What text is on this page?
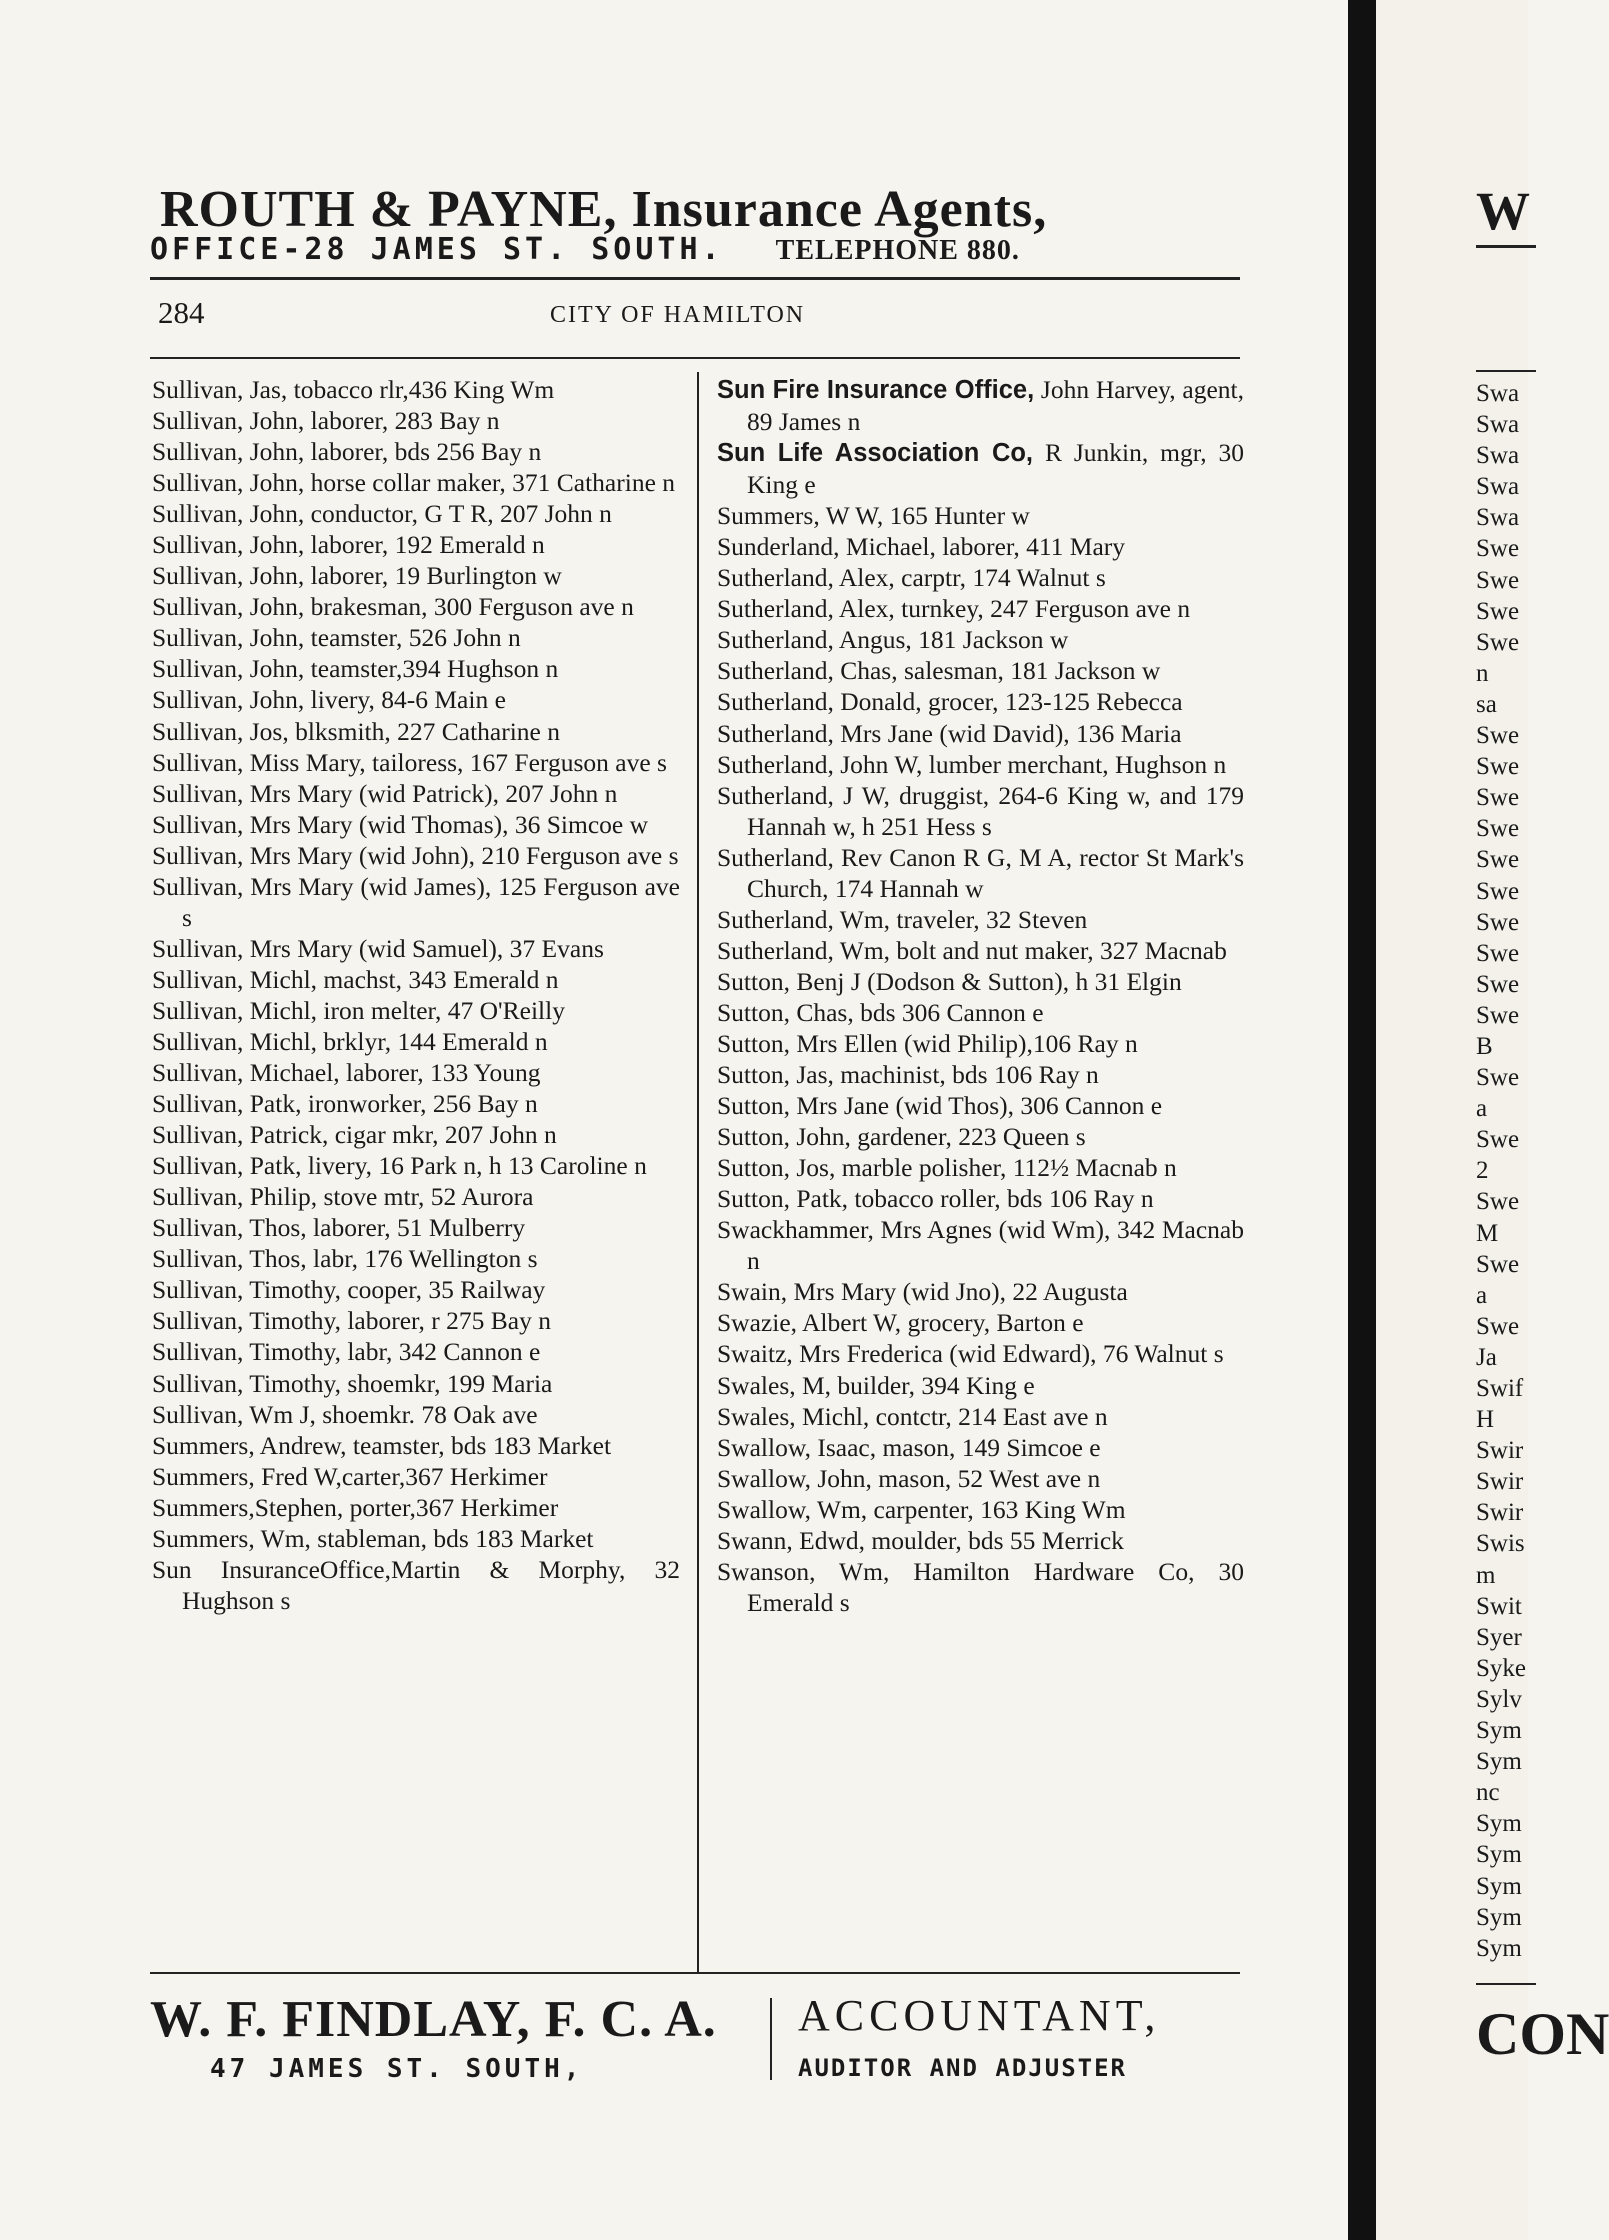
W
Swa
Swa
Swa
Swa
Swa
Swe
Swe
Swe
Swe
n
sa
Swe
Swe
Swe
Swe
Swe
Swe
Swe
Swe
Swe
Swe
B
Swe
a
Swe
2
Swe
M
Swe
a
Swe
Ja
Swif
H
Swir
Swir
Swir
Swis
m
Swit
Syer
Syke
Sylv
Sym
Sym
nc
Sym
Sym
Sym
Sym
Sym
CON
ROUTH & PAYNE, Insurance Agents,
OFFICE-28 JAMES ST. SOUTH. TELEPHONE 880.
284	CITY OF HAMILTON

Sullivan, Jas, tobacco rlr,436 King Wm

Sullivan, John, laborer, 283 Bay n

Sullivan, John, laborer, bds 256 Bay n

Sullivan, John, horse collar maker, 371 Catharine n

Sullivan, John, conductor, G T R, 207 John n

Sullivan, John, laborer, 192 Emerald n

Sullivan, John, laborer, 19 Burlington w

Sullivan, John, brakesman, 300 Ferguson ave n

Sullivan, John, teamster, 526 John n

Sullivan, John, teamster,394 Hughson n

Sullivan, John, livery, 84-6 Main e

Sullivan, Jos, blksmith, 227 Catharine n

Sullivan, Miss Mary, tailoress, 167 Ferguson ave s

Sullivan, Mrs Mary (wid Patrick), 207 John n

Sullivan, Mrs Mary (wid Thomas), 36 Simcoe w

Sullivan, Mrs Mary (wid John), 210 Ferguson ave s

Sullivan, Mrs Mary (wid James), 125 Ferguson ave s

Sullivan, Mrs Mary (wid Samuel), 37 Evans

Sullivan, Michl, machst, 343 Emerald n

Sullivan, Michl, iron melter, 47 O'Reilly

Sullivan, Michl, brklyr, 144 Emerald n

Sullivan, Michael, laborer, 133 Young

Sullivan, Patk, ironworker, 256 Bay n

Sullivan, Patrick, cigar mkr, 207 John n

Sullivan, Patk, livery, 16 Park n, h 13 Caroline n

Sullivan, Philip, stove mtr, 52 Aurora

Sullivan, Thos, laborer, 51 Mulberry

Sullivan, Thos, labr, 176 Wellington s

Sullivan, Timothy, cooper, 35 Railway

Sullivan, Timothy, laborer, r 275 Bay n

Sullivan, Timothy, labr, 342 Cannon e

Sullivan, Timothy, shoemkr, 199 Maria

Sullivan, Wm J, shoemkr. 78 Oak ave

Summers, Andrew, teamster, bds 183 Market

Summers, Fred W,carter,367 Herkimer

Summers,Stephen, porter,367 Herkimer

Summers, Wm, stableman, bds 183 Market

Sun InsuranceOffice,Martin & Morphy, 32 Hughson s

Sun Fire Insurance Office, John Harvey, agent, 89 James n

Sun Life Association Co, R Junkin, mgr, 30 King e

Summers, W W, 165 Hunter w

Sunderland, Michael, laborer, 411 Mary

Sutherland, Alex, carptr, 174 Walnut s

Sutherland, Alex, turnkey, 247 Ferguson ave n

Sutherland, Angus, 181 Jackson w

Sutherland, Chas, salesman, 181 Jackson w

Sutherland, Donald, grocer, 123-125 Rebecca

Sutherland, Mrs Jane (wid David), 136 Maria

Sutherland, John W, lumber merchant, Hughson n

Sutherland, J W, druggist, 264-6 King w, and 179 Hannah w, h 251 Hess s

Sutherland, Rev Canon R G, M A, rector St Mark's Church, 174 Hannah w

Sutherland, Wm, traveler, 32 Steven

Sutherland, Wm, bolt and nut maker, 327 Macnab

Sutton, Benj J (Dodson & Sutton), h 31 Elgin

Sutton, Chas, bds 306 Cannon e

Sutton, Mrs Ellen (wid Philip),106 Ray n

Sutton, Jas, machinist, bds 106 Ray n

Sutton, Mrs Jane (wid Thos), 306 Cannon e

Sutton, John, gardener, 223 Queen s

Sutton, Jos, marble polisher, 112½ Macnab n

Sutton, Patk, tobacco roller, bds 106 Ray n

Swackhammer, Mrs Agnes (wid Wm), 342 Macnab n

Swain, Mrs Mary (wid Jno), 22 Augusta

Swazie, Albert W, grocery, Barton e

Swaitz, Mrs Frederica (wid Edward), 76 Walnut s

Swales, M, builder, 394 King e

Swales, Michl, contctr, 214 East ave n

Swallow, Isaac, mason, 149 Simcoe e

Swallow, John, mason, 52 West ave n

Swallow, Wm, carpenter, 163 King Wm

Swann, Edwd, moulder, bds 55 Merrick

Swanson, Wm, Hamilton Hardware Co, 30 Emerald s

W. F. FINDLAY, F. C. A.
47 JAMES ST. SOUTH,
ACCOUNTANT,
AUDITOR AND ADJUSTER
